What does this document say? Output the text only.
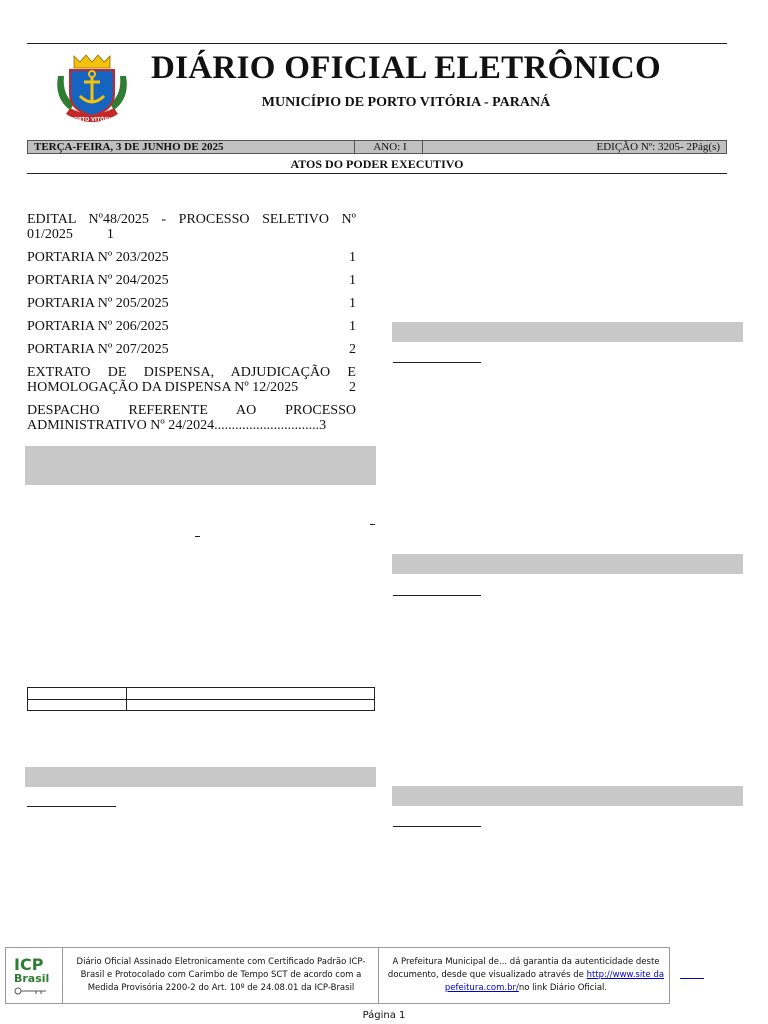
PORTO VITÓRIA
DIÁRIO OFICIAL ELETRÔNICO
MUNICÍPIO DE PORTO VITÓRIA - PARANÁ
TERÇA-FEIRA, 3 DE JUNHO DE 2025	ANO: I	EDIÇÃO Nº: 3205- 2Pág(s)
ATOS DO PODER EXECUTIVO
EDITAL Nº48/2025 - PROCESSO SELETIVO Nº
01/2025 1
PORTARIA Nº 203/2025	1
PORTARIA Nº 204/2025	1
PORTARIA Nº 205/2025	1
PORTARIA Nº 206/2025	1
PORTARIA Nº 207/2025	2
EXTRATO DE DISPENSA, ADJUDICAÇÃO E
HOMOLOGAÇÃO DA DISPENSA Nº 12/2025	2
DESPACHO REFERENTE AO PROCESSO
ADMINISTRATIVO Nº 24/2024..............................3
ICP
Brasil
Diário Oficial Assinado Eletronicamente com Certificado Padrão ICP-Brasil e Protocolado com Carimbo de Tempo SCT de acordo com a Medida Provisória 2200-2 do Art. 10º de 24.08.01 da ICP-Brasil
A Prefeitura Municipal de... dá garantia da autenticidade deste documento, desde que visualizado através de http://www.site da pefeitura.com.br/no link Diário Oficial.
Página 1
